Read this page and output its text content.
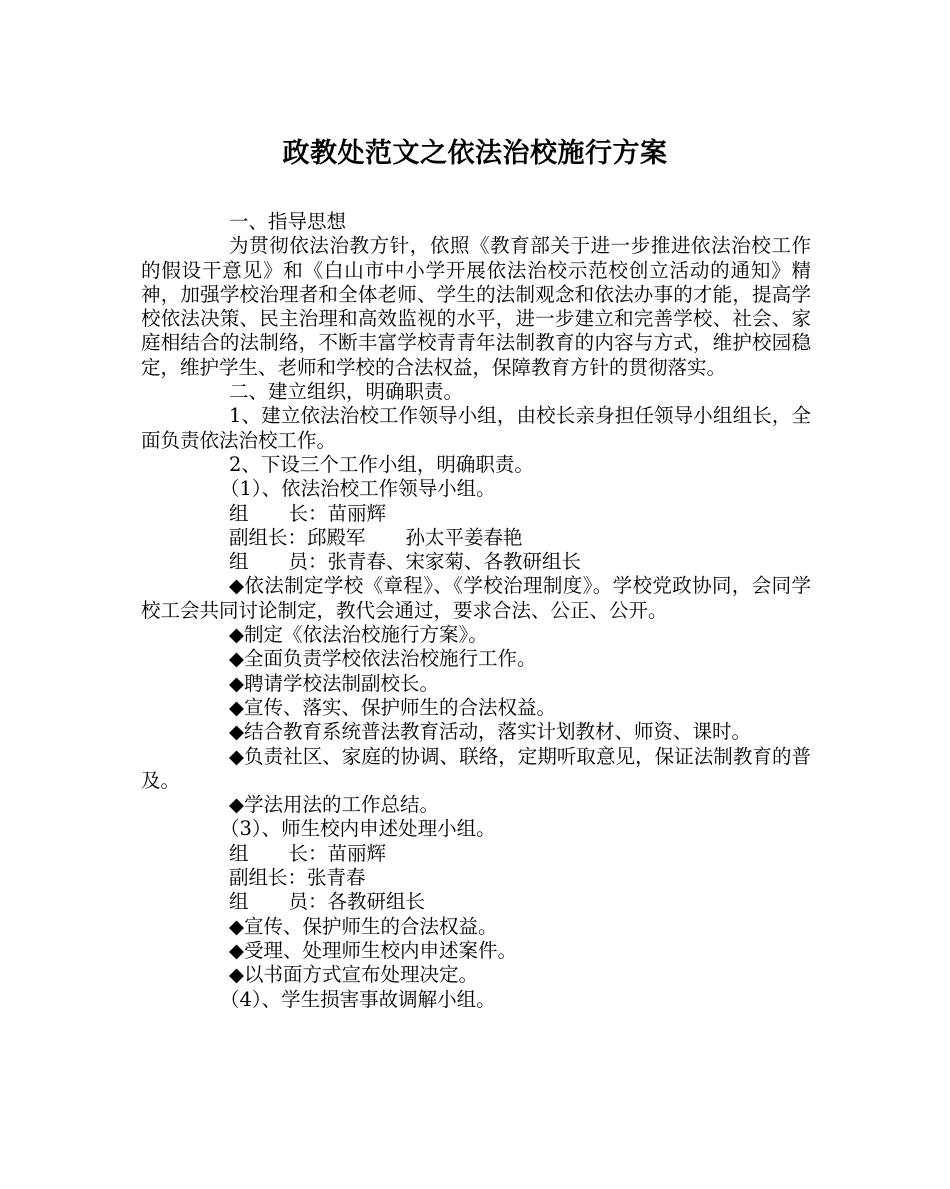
政教处范文之依法治校施行方案

一、指导思想

为贯彻依法治教方针，依照《教育部关于进一步推进依法治校工作的假设干意见》和《白山市中小学开展依法治校示范校创立活动的通知》精神，加强学校治理者和全体老师、学生的法制观念和依法办事的才能，提高学校依法决策、民主治理和高效监视的水平，进一步建立和完善学校、社会、家庭相结合的法制络，不断丰富学校青青年法制教育的内容与方式，维护校园稳定，维护学生、老师和学校的合法权益，保障教育方针的贯彻落实。

二、建立组织，明确职责。

1、建立依法治校工作领导小组，由校长亲身担任领导小组组长，全面负责依法治校工作。

2、下设三个工作小组，明确职责。

（1）、依法治校工作领导小组。

组 长：苗丽辉

副组长：邱殿军 孙太平姜春艳

组 员：张青春、宋家菊、各教研组长

◆依法制定学校《章程》、《学校治理制度》。学校党政协同，会同学校工会共同讨论制定，教代会通过，要求合法、公正、公开。

◆制定《依法治校施行方案》。

◆全面负责学校依法治校施行工作。

◆聘请学校法制副校长。

◆宣传、落实、保护师生的合法权益。

◆结合教育系统普法教育活动，落实计划教材、师资、课时。

◆负责社区、家庭的协调、联络，定期听取意见，保证法制教育的普及。

◆学法用法的工作总结。

（3）、师生校内申述处理小组。

组 长：苗丽辉

副组长：张青春

组 员：各教研组长

◆宣传、保护师生的合法权益。

◆受理、处理师生校内申述案件。

◆以书面方式宣布处理决定。

（4）、学生损害事故调解小组。
